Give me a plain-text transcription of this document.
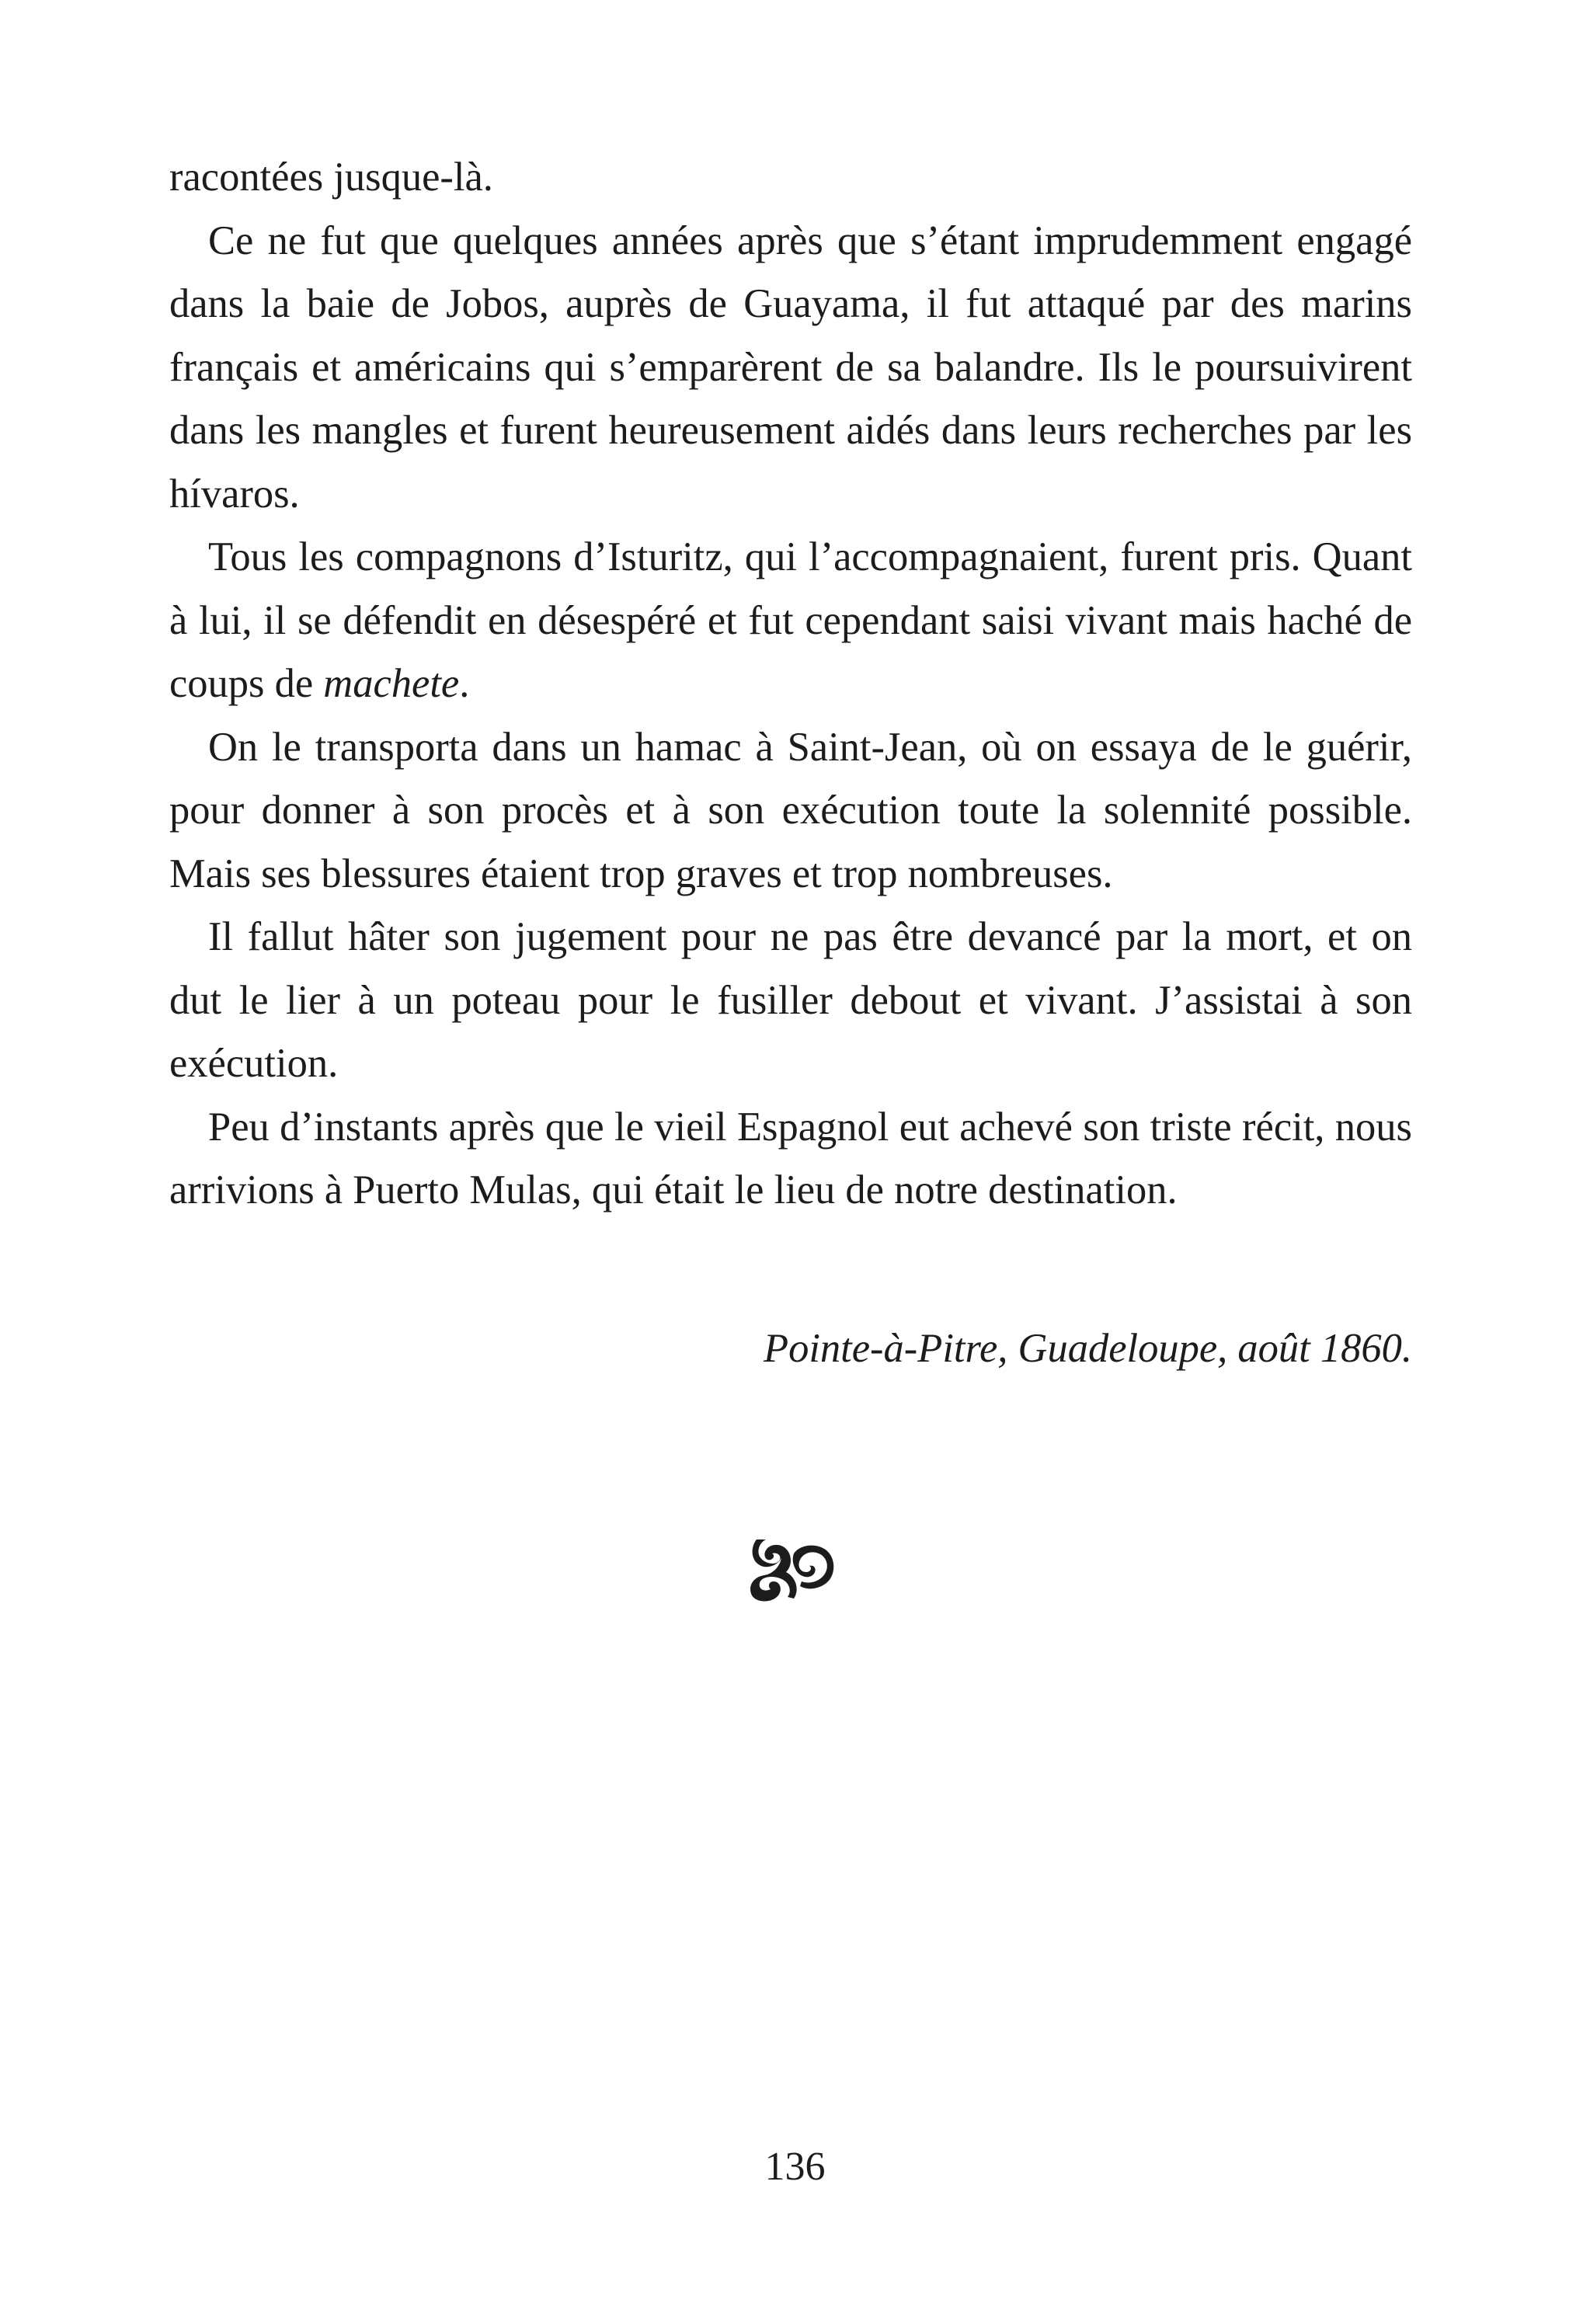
racontées jusque-là.

Ce ne fut que quelques années après que s’étant imprudemment engagé dans la baie de Jobos, auprès de Guayama, il fut attaqué par des marins français et américains qui s’emparèrent de sa balandre. Ils le poursuivirent dans les mangles et furent heureusement aidés dans leurs recherches par les hívaros.

Tous les compagnons d’Isturitz, qui l’accompagnaient, furent pris. Quant à lui, il se défendit en désespéré et fut cependant saisi vivant mais haché de coups de machete.

On le transporta dans un hamac à Saint-Jean, où on essaya de le guérir, pour donner à son procès et à son exécution toute la solennité possible. Mais ses blessures étaient trop graves et trop nombreuses.

Il fallut hâter son jugement pour ne pas être devancé par la mort, et on dut le lier à un poteau pour le fusiller debout et vivant. J’assistai à son exécution.

Peu d’instants après que le vieil Espagnol eut achevé son triste récit, nous arrivions à Puerto Mulas, qui était le lieu de notre destination.

Pointe-à-Pitre, Guadeloupe, août 1860.
136
